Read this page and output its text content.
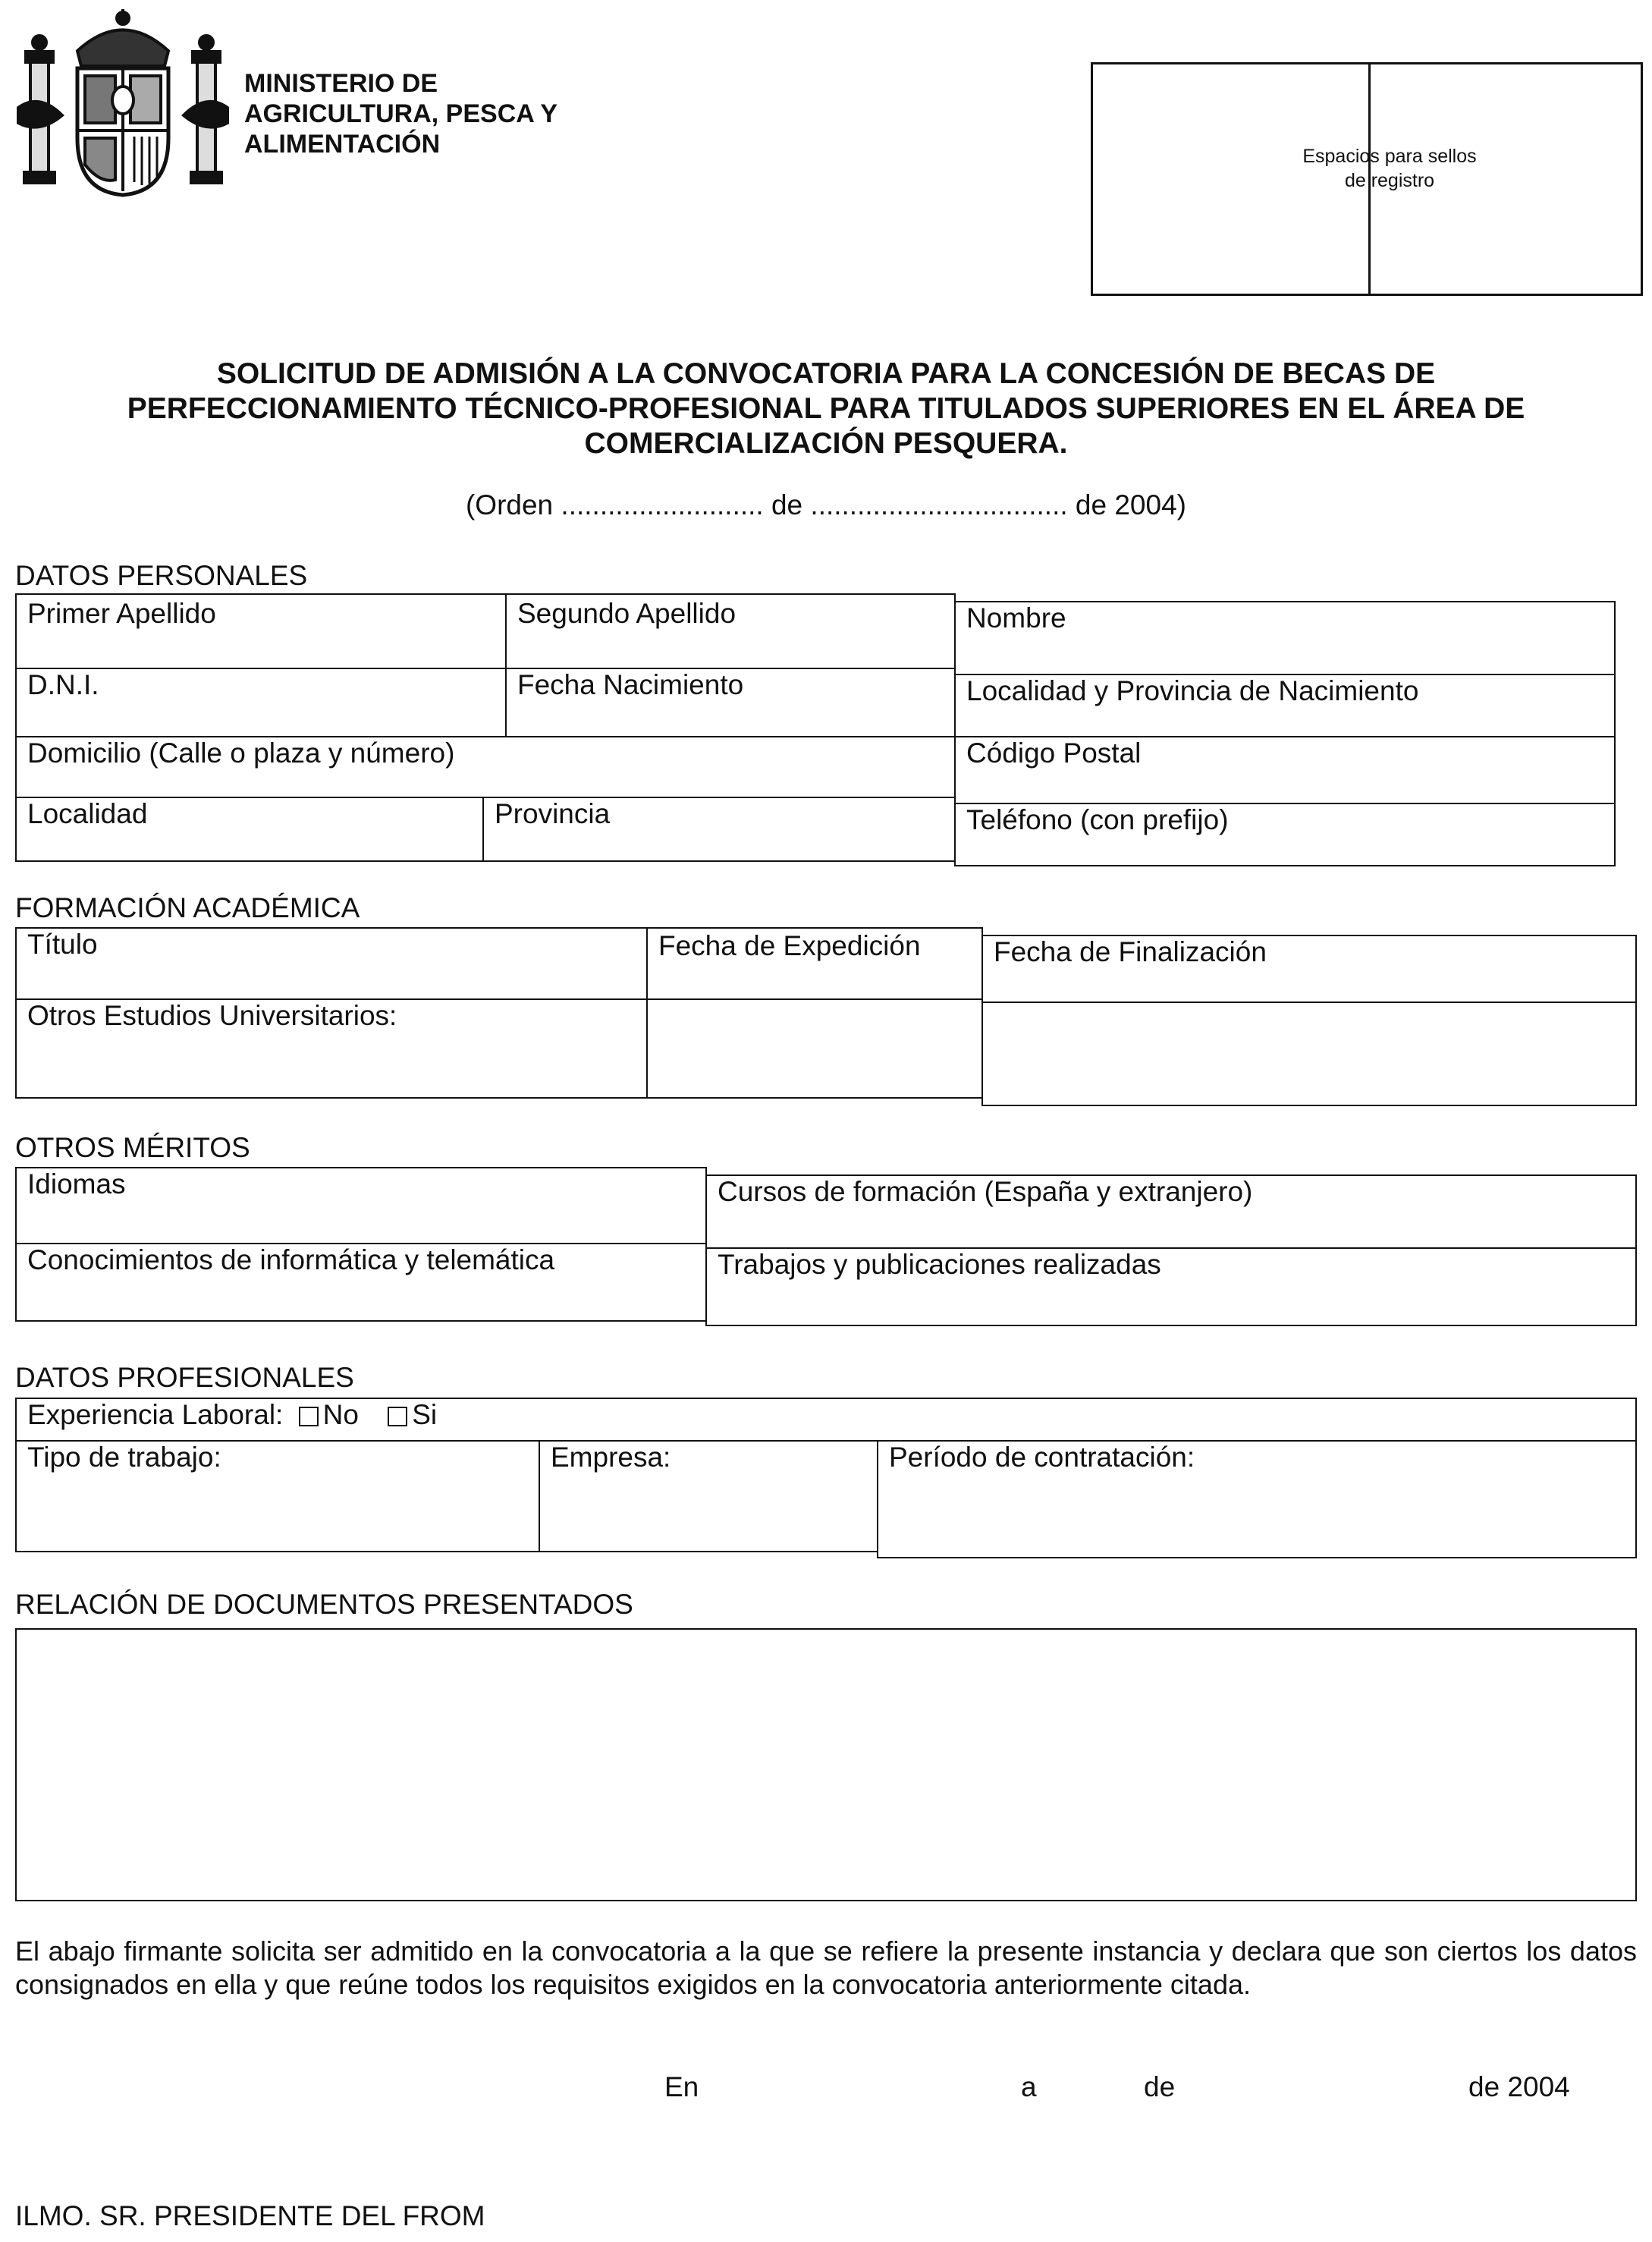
MINISTERIO DE
AGRICULTURA, PESCA Y
ALIMENTACIÓN	Espacios para sellos
de registro
SOLICITUD DE ADMISIÓN A LA CONVOCATORIA PARA LA CONCESIÓN DE BECAS DE
PERFECCIONAMIENTO TÉCNICO-PROFESIONAL PARA TITULADOS SUPERIORES EN EL ÁREA DE
COMERCIALIZACIÓN PESQUERA.
(Orden .......................... de ................................. de 2004)
DATOS PERSONALES
Primer Apellido	Segundo Apellido	Nombre
D.N.I.	Fecha Nacimiento	Localidad y Provincia de Nacimiento
Domicilio (Calle o plaza y número)	Código Postal
Localidad	Provincia	Teléfono (con prefijo)
FORMACIÓN ACADÉMICA
Título	Fecha de Expedición	Fecha de Finalización
Otros Estudios Universitarios:
OTROS MÉRITOS
Idiomas	Cursos de formación (España y extranjero)
Conocimientos de informática y telemática	Trabajos y publicaciones realizadas
DATOS PROFESIONALES
Experiencia Laboral: No Si
Tipo de trabajo:	Empresa:	Período de contratación:
RELACIÓN DE DOCUMENTOS PRESENTADOS
El abajo firmante solicita ser admitido en la convocatoria a la que se refiere la presente instancia y declara que son ciertos los datos consignados en ella y que reúne todos los requisitos exigidos en la convocatoria anteriormente citada.
En	a	de	de 2004
ILMO. SR. PRESIDENTE DEL FROM
